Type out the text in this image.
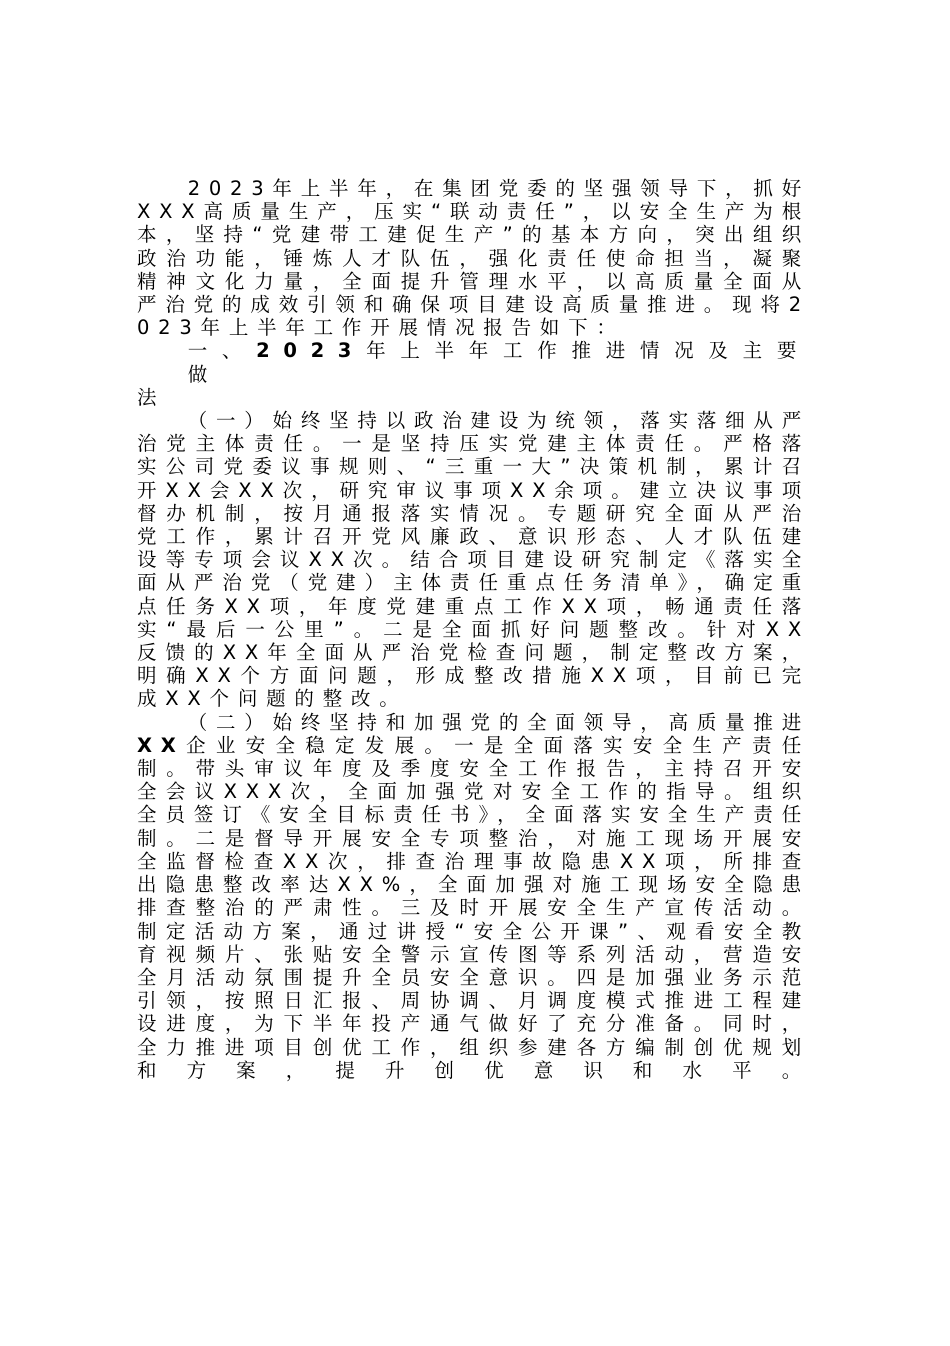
2023年上半年，在集团党委的坚强领导下，抓好XXX高质量生产，压实“联动责任”，以安全生产为根本，坚持“党建带工建促生产”的基本方向，突出组织政治功能，锤炼人才队伍，强化责任使命担当，凝聚精神文化力量，全面提升管理水平，以高质量全面从严治党的成效引领和确保项目建设高质量推进。现将2023年上半年工作开展情况报告如下：

一、2023年上半年工作推进情况及主要做
法

（一）始终坚持以政治建设为统领，落实落细从严治党主体责任。一是坚持压实党建主体责任。严格落实公司党委议事规则、“三重一大”决策机制，累计召开XX会XX次，研究审议事项XX余项。建立决议事项督办机制，按月通报落实情况。专题研究全面从严治党工作，累计召开党风廉政、意识形态、人才队伍建设等专项会议XX次。结合项目建设研究制定《落实全面从严治党（党建）主体责任重点任务清单》，确定重点任务XX项，年度党建重点工作XX项，畅通责任落实“最后一公里”。二是全面抓好问题整改。针对XX反馈的XX年全面从严治党检查问题，制定整改方案，明确XX个方面问题，形成整改措施XX项，目前已完成XX个问题的整改。

（二）始终坚持和加强党的全面领导，高质量推进XX企业安全稳定发展。一是全面落实安全生产责任制。带头审议年度及季度安全工作报告，主持召开安全会议XXX次，全面加强党对安全工作的指导。组织全员签订《安全目标责任书》，全面落实安全生产责任制。二是督导开展安全专项整治，对施工现场开展安全监督检查XX次，排查治理事故隐患XX项，所排查出隐患整改率达XX%，全面加强对施工现场安全隐患排查整治的严肃性。三及时开展安全生产宣传活动。制定活动方案，通过讲授“安全公开课”、观看安全教育视频片、张贴安全警示宣传图等系列活动，营造安全月活动氛围提升全员安全意识。四是加强业务示范引领，按照日汇报、周协调、月调度模式推进工程建设进度，为下半年投产通气做好了充分准备。同时，全力推进项目创优工作，组织参建各方编制创优规划和方案，提升创优意识和水平。
